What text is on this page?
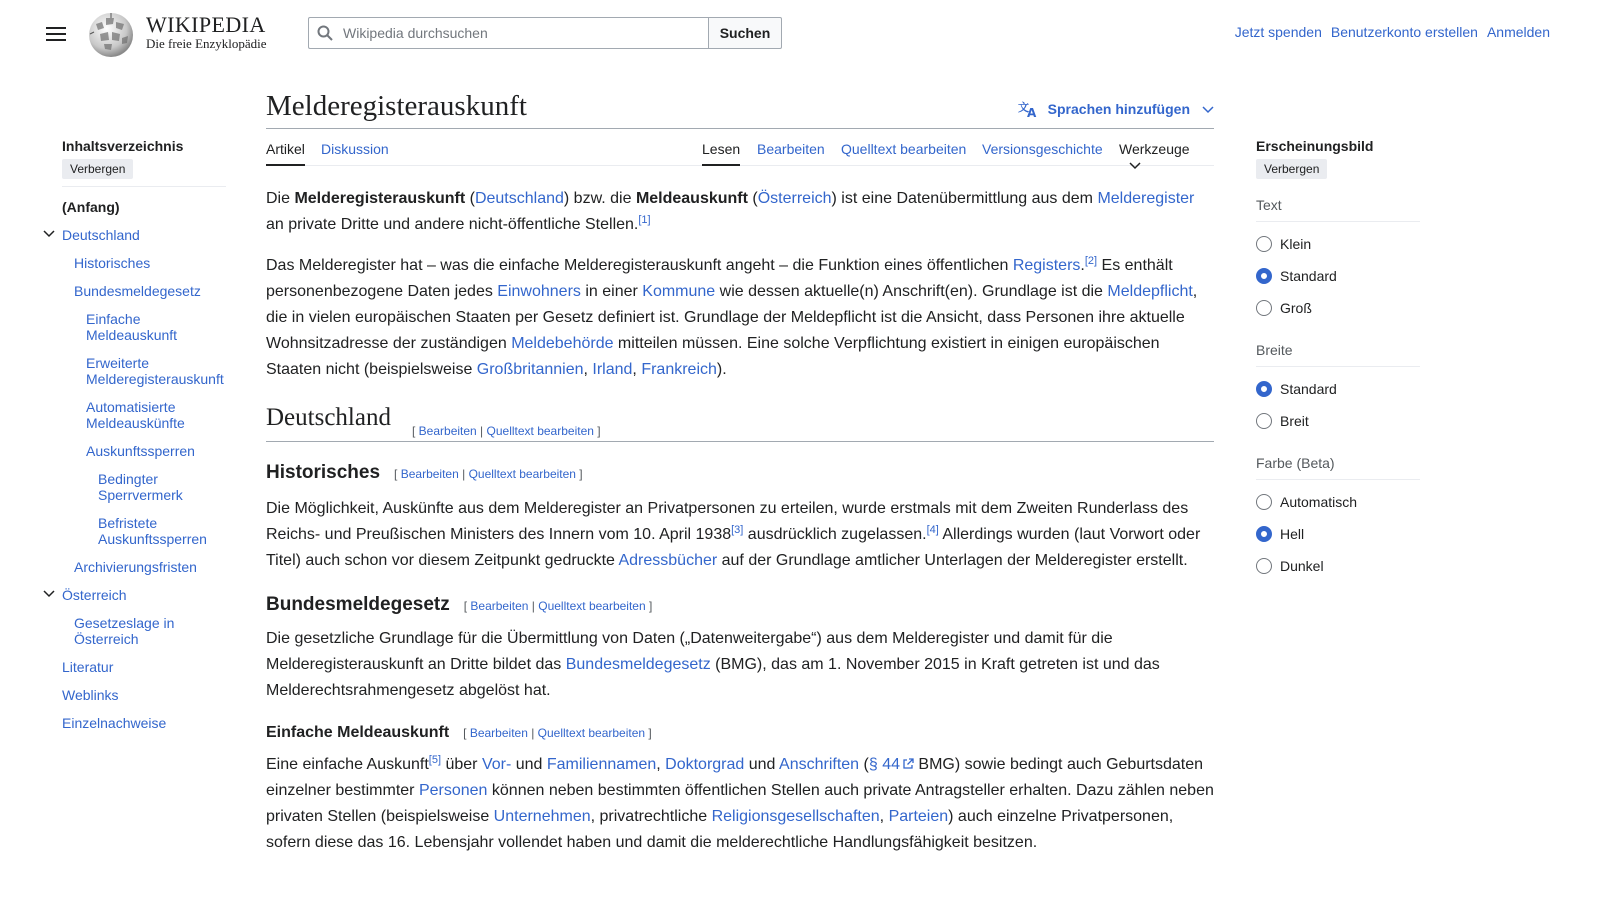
WIKIPEDIA
Die freie Enzyklopädie
Wikipedia durchsuchen
Suchen	Jetzt spenden Benutzerkonto erstellen Anmelden
Inhaltsverzeichnis
Verbergen
(Anfang)
Deutschland
Historisches
Bundesmeldegesetz
Einfache Meldeauskunft
Erweiterte Melderegisterauskunft
Automatisierte Meldeauskünfte
Auskunftssperren
Bedingter Sperrvermerk
Befristete Auskunftssperren
Archivierungsfristen
Österreich
Gesetzeslage in Österreich
Literatur
Weblinks
Einzelnachweise
Melderegisterauskunft	文
A Sprachen hinzufügen
Artikel Diskussion	Lesen Bearbeiten Quelltext bearbeiten Versionsgeschichte Werkzeuge

Die Melderegisterauskunft (Deutschland) bzw. die Meldeauskunft (Österreich) ist eine Datenübermittlung aus dem Melderegister an private Dritte und andere nicht-öffentliche Stellen.[1]

Das Melderegister hat – was die einfache Melderegisterauskunft angeht – die Funktion eines öffentlichen Registers.[2] Es enthält personenbezogene Daten jedes Einwohners in einer Kommune wie dessen aktuelle(n) Anschrift(en). Grundlage ist die Meldepflicht, die in vielen europäischen Staaten per Gesetz definiert ist. Grundlage der Meldepflicht ist die Ansicht, dass Personen ihre aktuelle Wohnsitzadresse der zuständigen Meldebehörde mitteilen müssen. Eine solche Verpflichtung existiert in einigen europäischen Staaten nicht (beispielsweise Großbritannien, Irland, Frankreich).

Deutschland [ Bearbeiten | Quelltext bearbeiten ]
Historisches [ Bearbeiten | Quelltext bearbeiten ]

Die Möglichkeit, Auskünfte aus dem Melderegister an Privatpersonen zu erteilen, wurde erstmals mit dem Zweiten Runderlass des Reichs- und Preußischen Ministers des Innern vom 10. April 1938[3] ausdrücklich zugelassen.[4] Allerdings wurden (laut Vorwort oder Titel) auch schon vor diesem Zeitpunkt gedruckte Adressbücher auf der Grundlage amtlicher Unterlagen der Melderegister erstellt.

Bundesmeldegesetz [ Bearbeiten | Quelltext bearbeiten ]

Die gesetzliche Grundlage für die Übermittlung von Daten („Datenweitergabe“) aus dem Melderegister und damit für die Melderegisterauskunft an Dritte bildet das Bundesmeldegesetz (BMG), das am 1. November 2015 in Kraft getreten ist und das Melderechtsrahmengesetz abgelöst hat.

Einfache Meldeauskunft [ Bearbeiten | Quelltext bearbeiten ]

Eine einfache Auskunft[5] über Vor- und Familiennamen, Doktorgrad und Anschriften (§ 44 BMG) sowie bedingt auch Geburtsdaten einzelner bestimmter Personen können neben bestimmten öffentlichen Stellen auch private Antragsteller erhalten. Dazu zählen neben privaten Stellen (beispielsweise Unternehmen, privatrechtliche Religionsgesellschaften, Parteien) auch einzelne Privatpersonen, sofern diese das 16. Lebensjahr vollendet haben und damit die melderechtliche Handlungsfähigkeit besitzen.

Erscheinungsbild
Verbergen
Text
Klein
Standard
Groß
Breite
Standard
Breit
Farbe (Beta)
Automatisch
Hell
Dunkel
